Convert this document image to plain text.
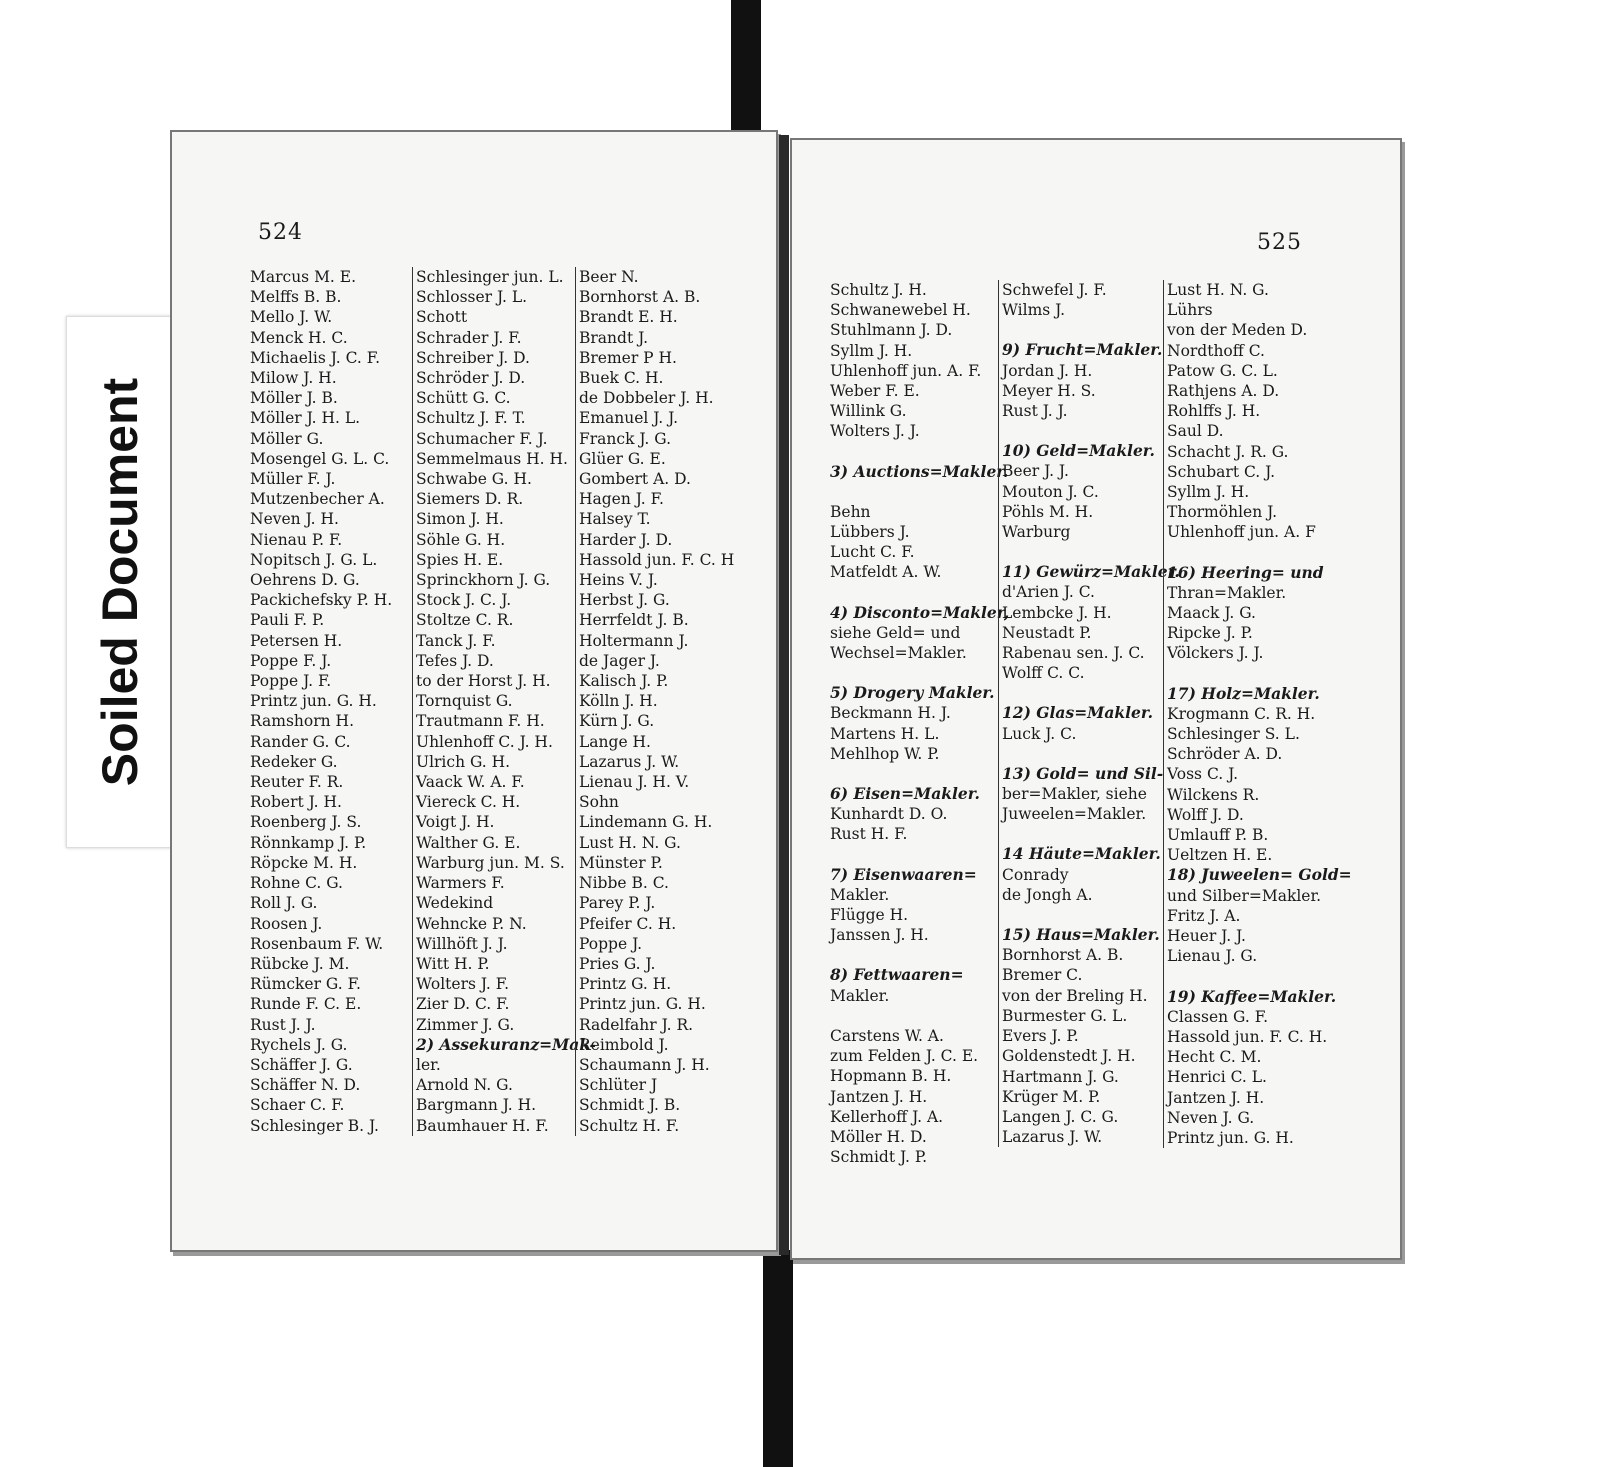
Soiled Document
524
Marcus M. E.
Melffs B. B.
Mello J. W.
Menck H. C.
Michaelis J. C. F.
Milow J. H.
Möller J. B.
Möller J. H. L.
Möller G.
Mosengel G. L. C.
Müller F. J.
Mutzenbecher A.
Neven J. H.
Nienau P. F.
Nopitsch J. G. L.
Oehrens D. G.
Packichefsky P. H.
Pauli F. P.
Petersen H.
Poppe F. J.
Poppe J. F.
Printz jun. G. H.
Ramshorn H.
Rander G. C.
Redeker G.
Reuter F. R.
Robert J. H.
Roenberg J. S.
Rönnkamp J. P.
Röpcke M. H.
Rohne C. G.
Roll J. G.
Roosen J.
Rosenbaum F. W.
Rübcke J. M.
Rümcker G. F.
Runde F. C. E.
Rust J. J.
Rychels J. G.
Schäffer J. G.
Schäffer N. D.
Schaer C. F.
Schlesinger B. J.
Schlesinger jun. L.
Schlosser J. L.
Schott
Schrader J. F.
Schreiber J. D.
Schröder J. D.
Schütt G. C.
Schultz J. F. T.
Schumacher F. J.
Semmelmaus H. H.
Schwabe G. H.
Siemers D. R.
Simon J. H.
Söhle G. H.
Spies H. E.
Sprinckhorn J. G.
Stock J. C. J.
Stoltze C. R.
Tanck J. F.
Tefes J. D.
to der Horst J. H.
Tornquist G.
Trautmann F. H.
Uhlenhoff C. J. H.
Ulrich G. H.
Vaack W. A. F.
Viereck C. H.
Voigt J. H.
Walther G. E.
Warburg jun. M. S.
Warmers F.
Wedekind
Wehncke P. N.
Willhöft J. J.
Witt H. P.
Wolters J. F.
Zier D. C. F.
Zimmer J. G.
2) Assekuranz=Mak-
ler.
Arnold N. G.
Bargmann J. H.
Baumhauer H. F.
Beer N.
Bornhorst A. B.
Brandt E. H.
Brandt J.
Bremer P H.
Buek C. H.
de Dobbeler J. H.
Emanuel J. J.
Franck J. G.
Glüer G. E.
Gombert A. D.
Hagen J. F.
Halsey T.
Harder J. D.
Hassold jun. F. C. H
Heins V. J.
Herbst J. G.
Herrfeldt J. B.
Holtermann J.
de Jager J.
Kalisch J. P.
Kölln J. H.
Kürn J. G.
Lange H.
Lazarus J. W.
Lienau J. H. V.
Sohn
Lindemann G. H.
Lust H. N. G.
Münster P.
Nibbe B. C.
Parey P. J.
Pfeifer C. H.
Poppe J.
Pries G. J.
Printz G. H.
Printz jun. G. H.
Radelfahr J. R.
Reimbold J.
Schaumann J. H.
Schlüter J
Schmidt J. B.
Schultz H. F.
525
Schultz J. H.
Schwanewebel H.
Stuhlmann J. D.
Syllm J. H.
Uhlenhoff jun. A. F.
Weber F. E.
Willink G.
Wolters J. J.
3) Auctions=Makler.
Behn
Lübbers J.
Lucht C. F.
Matfeldt A. W.
4) Disconto=Makler,
siehe Geld= und
Wechsel=Makler.
5) Drogery Makler.
Beckmann H. J.
Martens H. L.
Mehlhop W. P.
6) Eisen=Makler.
Kunhardt D. O.
Rust H. F.
7) Eisenwaaren=
Makler.
Flügge H.
Janssen J. H.
8) Fettwaaren=
Makler.
Carstens W. A.
zum Felden J. C. E.
Hopmann B. H.
Jantzen J. H.
Kellerhoff J. A.
Möller H. D.
Schmidt J. P.
Schwefel J. F.
Wilms J.
9) Frucht=Makler.
Jordan J. H.
Meyer H. S.
Rust J. J.
10) Geld=Makler.
Beer J. J.
Mouton J. C.
Pöhls M. H.
Warburg
11) Gewürz=Makler.
d'Arien J. C.
Lembcke J. H.
Neustadt P.
Rabenau sen. J. C.
Wolff C. C.
12) Glas=Makler.
Luck J. C.
13) Gold= und Sil-
ber=Makler, siehe
Juweelen=Makler.
14 Häute=Makler.
Conrady
de Jongh A.
15) Haus=Makler.
Bornhorst A. B.
Bremer C.
von der Breling H.
Burmester G. L.
Evers J. P.
Goldenstedt J. H.
Hartmann J. G.
Krüger M. P.
Langen J. C. G.
Lazarus J. W.
Lust H. N. G.
Lührs
von der Meden D.
Nordthoff C.
Patow G. C. L.
Rathjens A. D.
Rohlffs J. H.
Saul D.
Schacht J. R. G.
Schubart C. J.
Syllm J. H.
Thormöhlen J.
Uhlenhoff jun. A. F
16) Heering= und
Thran=Makler.
Maack J. G.
Ripcke J. P.
Völckers J. J.
17) Holz=Makler.
Krogmann C. R. H.
Schlesinger S. L.
Schröder A. D.
Voss C. J.
Wilckens R.
Wolff J. D.
Umlauff P. B.
Ueltzen H. E.
18) Juweelen= Gold=
und Silber=Makler.
Fritz J. A.
Heuer J. J.
Lienau J. G.
19) Kaffee=Makler.
Classen G. F.
Hassold jun. F. C. H.
Hecht C. M.
Henrici C. L.
Jantzen J. H.
Neven J. G.
Printz jun. G. H.
